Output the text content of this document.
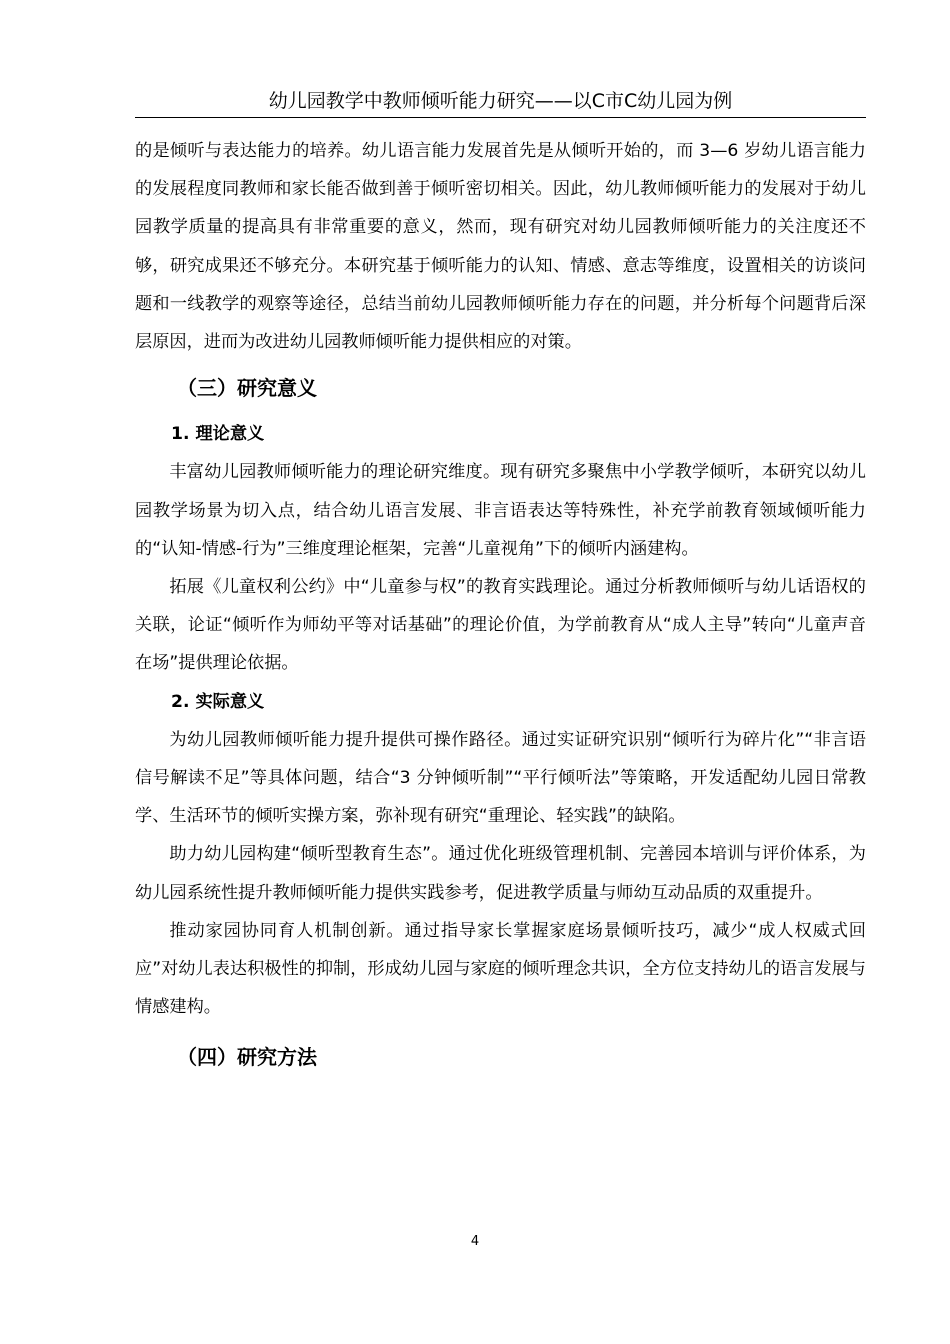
幼儿园教学中教师倾听能力研究——以C市C幼儿园为例

的是倾听与表达能力的培养。幼儿语言能力发展首先是从倾听开始的，而 3—6 岁幼儿语言能力的发展程度同教师和家长能否做到善于倾听密切相关。因此，幼儿教师倾听能力的发展对于幼儿园教学质量的提高具有非常重要的意义，然而，现有研究对幼儿园教师倾听能力的关注度还不够，研究成果还不够充分。本研究基于倾听能力的认知、情感、意志等维度，设置相关的访谈问题和一线教学的观察等途径，总结当前幼儿园教师倾听能力存在的问题，并分析每个问题背后深层原因，进而为改进幼儿园教师倾听能力提供相应的对策。

（三）研究意义

1. 理论意义

丰富幼儿园教师倾听能力的理论研究维度。现有研究多聚焦中小学教学倾听，本研究以幼儿园教学场景为切入点，结合幼儿语言发展、非言语表达等特殊性，补充学前教育领域倾听能力的“认知-情感-行为”三维度理论框架，完善“儿童视角”下的倾听内涵建构。

拓展《儿童权利公约》中“儿童参与权”的教育实践理论。通过分析教师倾听与幼儿话语权的关联，论证“倾听作为师幼平等对话基础”的理论价值，为学前教育从“成人主导”转向“儿童声音在场”提供理论依据。

2. 实际意义

为幼儿园教师倾听能力提升提供可操作路径。通过实证研究识别“倾听行为碎片化”“非言语信号解读不足”等具体问题，结合“3 分钟倾听制”“平行倾听法”等策略，开发适配幼儿园日常教学、生活环节的倾听实操方案，弥补现有研究“重理论、轻实践”的缺陷。

助力幼儿园构建“倾听型教育生态”。通过优化班级管理机制、完善园本培训与评价体系，为幼儿园系统性提升教师倾听能力提供实践参考，促进教学质量与师幼互动品质的双重提升。

推动家园协同育人机制创新。通过指导家长掌握家庭场景倾听技巧，减少“成人权威式回应”对幼儿表达积极性的抑制，形成幼儿园与家庭的倾听理念共识，全方位支持幼儿的语言发展与情感建构。

（四）研究方法
4
